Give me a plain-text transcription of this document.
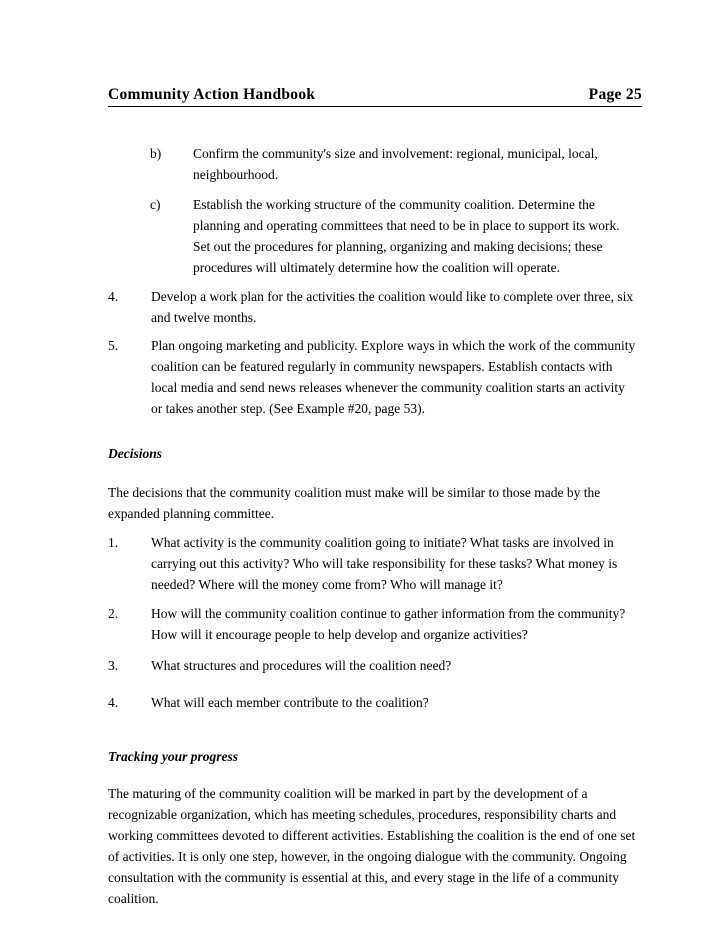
Community Action Handbook	Page 25
b) Confirm the community's size and involvement: regional, municipal, local, neighbourhood.
c) Establish the working structure of the community coalition. Determine the planning and operating committees that need to be in place to support its work. Set out the procedures for planning, organizing and making decisions; these procedures will ultimately determine how the coalition will operate.
4. Develop a work plan for the activities the coalition would like to complete over three, six and twelve months.
5. Plan ongoing marketing and publicity. Explore ways in which the work of the community coalition can be featured regularly in community newspapers. Establish contacts with local media and send news releases whenever the community coalition starts an activity or takes another step. (See Example #20, page 53).
Decisions
The decisions that the community coalition must make will be similar to those made by the expanded planning committee.
1. What activity is the community coalition going to initiate? What tasks are involved in carrying out this activity? Who will take responsibility for these tasks? What money is needed? Where will the money come from? Who will manage it?
2. How will the community coalition continue to gather information from the community? How will it encourage people to help develop and organize activities?
3. What structures and procedures will the coalition need?
4. What will each member contribute to the coalition?
Tracking your progress
The maturing of the community coalition will be marked in part by the development of a recognizable organization, which has meeting schedules, procedures, responsibility charts and working committees devoted to different activities. Establishing the coalition is the end of one set of activities. It is only one step, however, in the ongoing dialogue with the community. Ongoing consultation with the community is essential at this, and every stage in the life of a community coalition.
